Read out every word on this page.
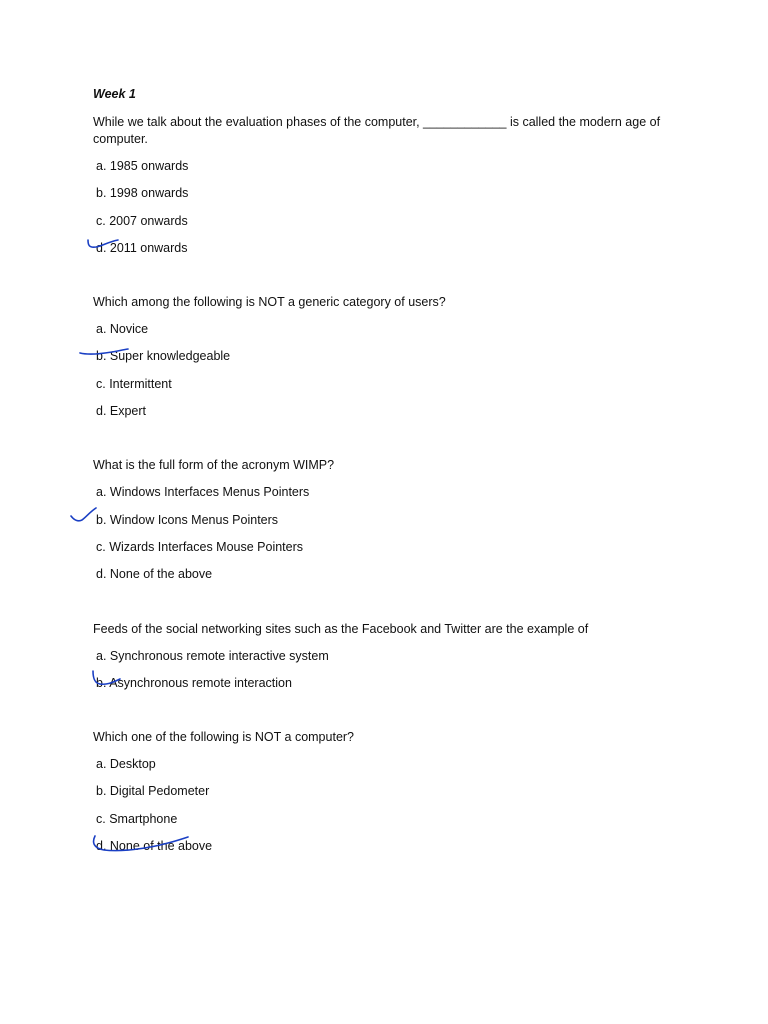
Week 1
While we talk about the evaluation phases of the computer, ____________ is called the modern age of computer.
a. 1985 onwards
b. 1998 onwards
c. 2007 onwards
d. 2011 onwards
Which among the following is NOT a generic category of users?
a. Novice
b. Super knowledgeable
c. Intermittent
d. Expert
What is the full form of the acronym WIMP?
a. Windows Interfaces Menus Pointers
b. Window Icons Menus Pointers
c. Wizards Interfaces Mouse Pointers
d. None of the above
Feeds of the social networking sites such as the Facebook and Twitter are the example of
a. Synchronous remote interactive system
b. Asynchronous remote interaction
Which one of the following is NOT a computer?
a. Desktop
b. Digital Pedometer
c. Smartphone
d. None of the above
